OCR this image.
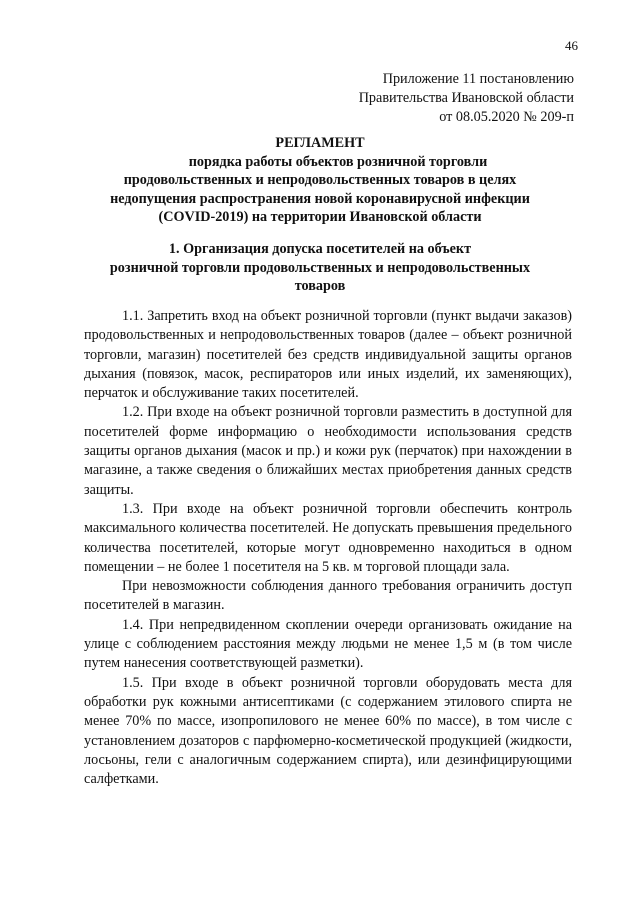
46
Приложение 11 постановлению
Правительства Ивановской области
от 08.05.2020 № 209-п
РЕГЛАМЕНТ
порядка работы объектов розничной торговли
продовольственных и непродовольственных товаров в целях
недопущения распространения новой коронавирусной инфекции
(COVID-2019) на территории Ивановской области
1. Организация допуска посетителей на объект
розничной торговли продовольственных и непродовольственных
товаров

1.1. Запретить вход на объект розничной торговли (пункт выдачи заказов) продовольственных и непродовольственных товаров (далее – объект розничной торговли, магазин) посетителей без средств индивидуальной защиты органов дыхания (повязок, масок, респираторов или иных изделий, их заменяющих), перчаток и обслуживание таких посетителей.

1.2. При входе на объект розничной торговли разместить в доступной для посетителей форме информацию о необходимости использования средств защиты органов дыхания (масок и пр.) и кожи рук (перчаток) при нахождении в магазине, а также сведения о ближайших местах приобретения данных средств защиты.

1.3. При входе на объект розничной торговли обеспечить контроль максимального количества посетителей. Не допускать превышения предельного количества посетителей, которые могут одновременно находиться в одном помещении – не более 1 посетителя на 5 кв. м торговой площади зала.

При невозможности соблюдения данного требования ограничить доступ посетителей в магазин.

1.4. При непредвиденном скоплении очереди организовать ожидание на улице с соблюдением расстояния между людьми не менее 1,5 м (в том числе путем нанесения соответствующей разметки).

1.5. При входе в объект розничной торговли оборудовать места для обработки рук кожными антисептиками (с содержанием этилового спирта не менее 70% по массе, изопропилового не менее 60% по массе), в том числе с установлением дозаторов с парфюмерно-косметической продукцией (жидкости, лосьоны, гели с аналогичным содержанием спирта), или дезинфицирующими салфетками.
